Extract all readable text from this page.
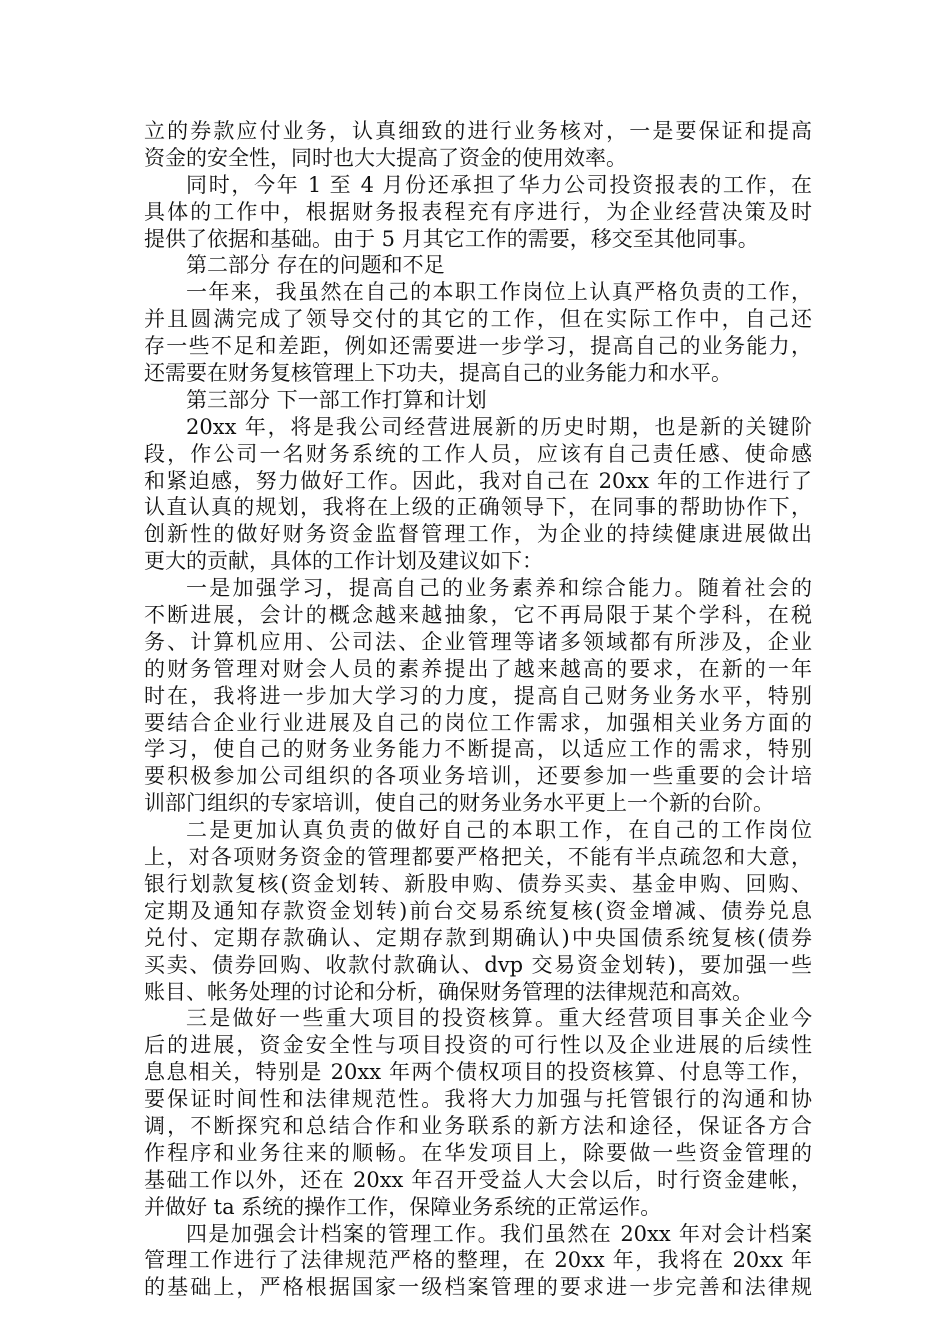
立的券款应付业务，认真细致的进行业务核对，一是要保证和提高
资金的安全性，同时也大大提高了资金的使用效率。
同时，今年 1 至 4 月份还承担了华力公司投资报表的工作，在
具体的工作中，根据财务报表程充有序进行，为企业经营决策及时
提供了依据和基础。由于 5 月其它工作的需要，移交至其他同事。
第二部分 存在的问题和不足
一年来，我虽然在自己的本职工作岗位上认真严格负责的工作，
并且圆满完成了领导交付的其它的工作，但在实际工作中，自己还
存一些不足和差距，例如还需要进一步学习，提高自己的业务能力，
还需要在财务复核管理上下功夫，提高自己的业务能力和水平。
第三部分 下一部工作打算和计划
20xx 年，将是我公司经营进展新的历史时期，也是新的关键阶
段，作公司一名财务系统的工作人员，应该有自己责任感、使命感
和紧迫感，努力做好工作。因此，我对自己在 20xx 年的工作进行了
认直认真的规划，我将在上级的正确领导下，在同事的帮助协作下，
创新性的做好财务资金监督管理工作，为企业的持续健康进展做出
更大的贡献，具体的工作计划及建议如下：
一是加强学习，提高自己的业务素养和综合能力。随着社会的
不断进展，会计的概念越来越抽象，它不再局限于某个学科，在税
务、计算机应用、公司法、企业管理等诸多领域都有所涉及，企业
的财务管理对财会人员的素养提出了越来越高的要求，在新的一年
时在，我将进一步加大学习的力度，提高自己财务业务水平，特别
要结合企业行业进展及自己的岗位工作需求，加强相关业务方面的
学习，使自己的财务业务能力不断提高，以适应工作的需求，特别
要积极参加公司组织的各项业务培训，还要参加一些重要的会计培
训部门组织的专家培训，使自己的财务业务水平更上一个新的台阶。
二是更加认真负责的做好自己的本职工作，在自己的工作岗位
上，对各项财务资金的管理都要严格把关，不能有半点疏忽和大意，
银行划款复核(资金划转、新股申购、债券买卖、基金申购、回购、
定期及通知存款资金划转)前台交易系统复核(资金增减、债券兑息
兑付、定期存款确认、定期存款到期确认)中央国债系统复核(债券
买卖、债券回购、收款付款确认、dvp 交易资金划转)，要加强一些
账目、帐务处理的讨论和分析，确保财务管理的法律规范和高效。
三是做好一些重大项目的投资核算。重大经营项目事关企业今
后的进展，资金安全性与项目投资的可行性以及企业进展的后续性
息息相关，特别是 20xx 年两个债权项目的投资核算、付息等工作，
要保证时间性和法律规范性。我将大力加强与托管银行的沟通和协
调，不断探究和总结合作和业务联系的新方法和途径，保证各方合
作程序和业务往来的顺畅。在华发项目上，除要做一些资金管理的
基础工作以外，还在 20xx 年召开受益人大会以后，时行资金建帐，
并做好 ta 系统的操作工作，保障业务系统的正常运作。
四是加强会计档案的管理工作。我们虽然在 20xx 年对会计档案
管理工作进行了法律规范严格的整理，在 20xx 年，我将在 20xx 年
的基础上，严格根据国家一级档案管理的要求进一步完善和法律规
